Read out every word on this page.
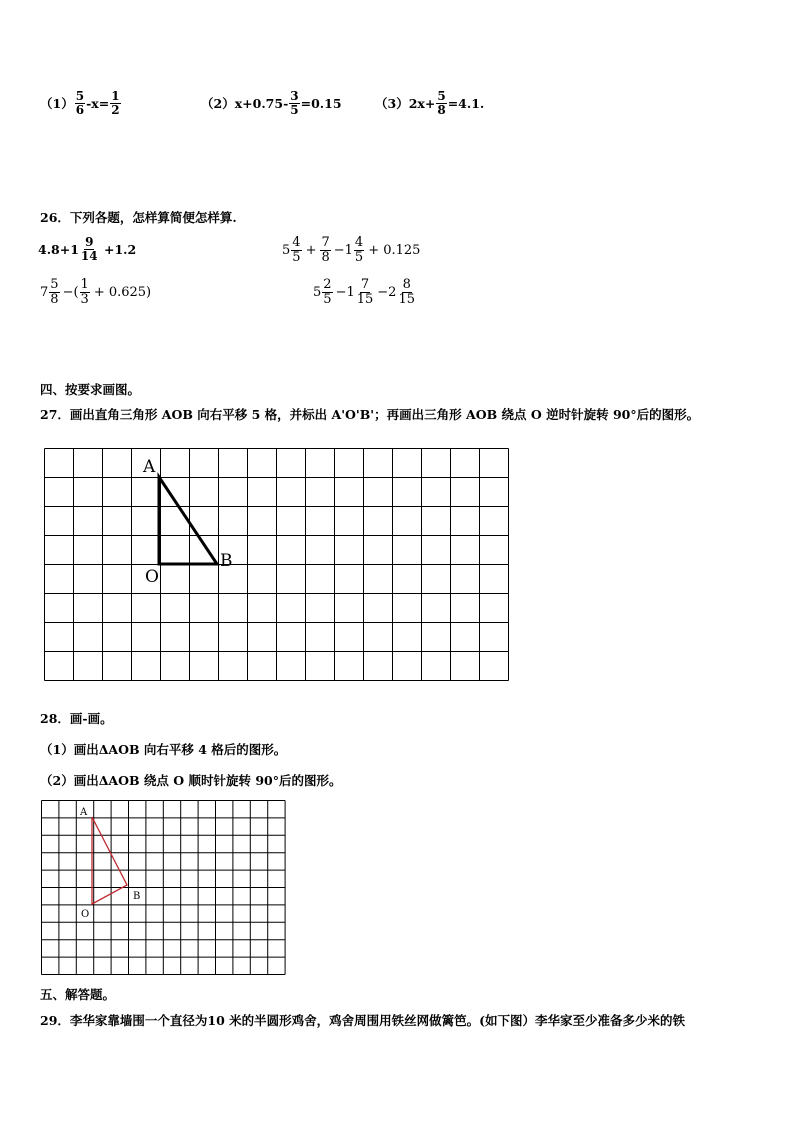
$(1) \frac{5}{6} -x= \frac{1}{2}$	$(2)x+0.75- \frac{3}{5} =0.15$	$(3)2x+ \frac{5}{8} =4.1$.
26．下列各题，怎样算简便怎样算.
$4.8+1 \frac{9}{14} +1.2$	$5 \frac{4}{5} + \frac{7}{8} -1 \frac{4}{5} + 0.125$
$7 \frac{5}{8}$ −( $\frac{1}{3} + 0.625$)	$5 \frac{2}{5} -1 \frac{7}{15} -2 \frac{8}{15}$
四、按要求画图。
27．画出直角三角形 AOB 向右平移 5 格，并标出 A'O'B'；再画出三角形 AOB 绕点 O 逆时针旋转 90°后的图形。
A
O
B
28．画-画。
（1）画出ΔAOB 向右平移 4 格后的图形。
（2）画出ΔAOB 绕点 O 顺时针旋转 90°后的图形。
A
O
B
五、解答题。
29．李华家靠墙围一个直径为10 米的半圆形鸡舍，鸡舍周围用铁丝网做篱笆。(如下图）李华家至少准备多少米的铁
